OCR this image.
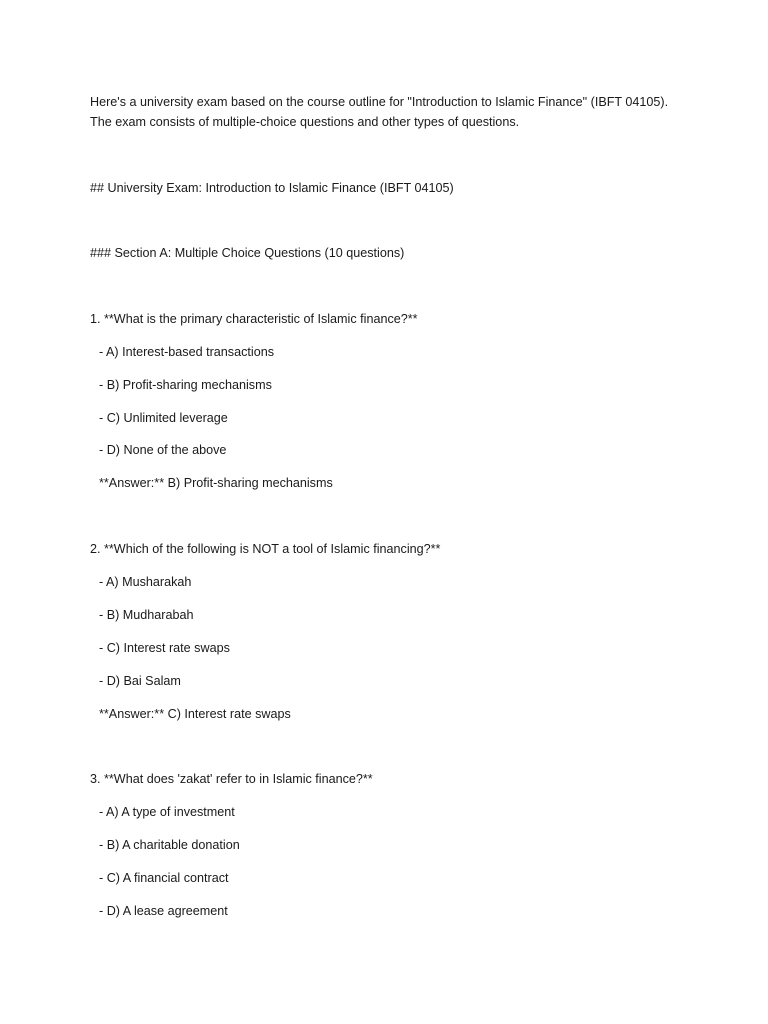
Here's a university exam based on the course outline for "Introduction to Islamic Finance" (IBFT 04105).
The exam consists of multiple-choice questions and other types of questions.
## University Exam: Introduction to Islamic Finance (IBFT 04105)
### Section A: Multiple Choice Questions (10 questions)
1. **What is the primary characteristic of Islamic finance?**
- A) Interest-based transactions
- B) Profit-sharing mechanisms
- C) Unlimited leverage
- D) None of the above
**Answer:** B) Profit-sharing mechanisms
2. **Which of the following is NOT a tool of Islamic financing?**
- A) Musharakah
- B) Mudharabah
- C) Interest rate swaps
- D) Bai Salam
**Answer:** C) Interest rate swaps
3. **What does 'zakat' refer to in Islamic finance?**
- A) A type of investment
- B) A charitable donation
- C) A financial contract
- D) A lease agreement
